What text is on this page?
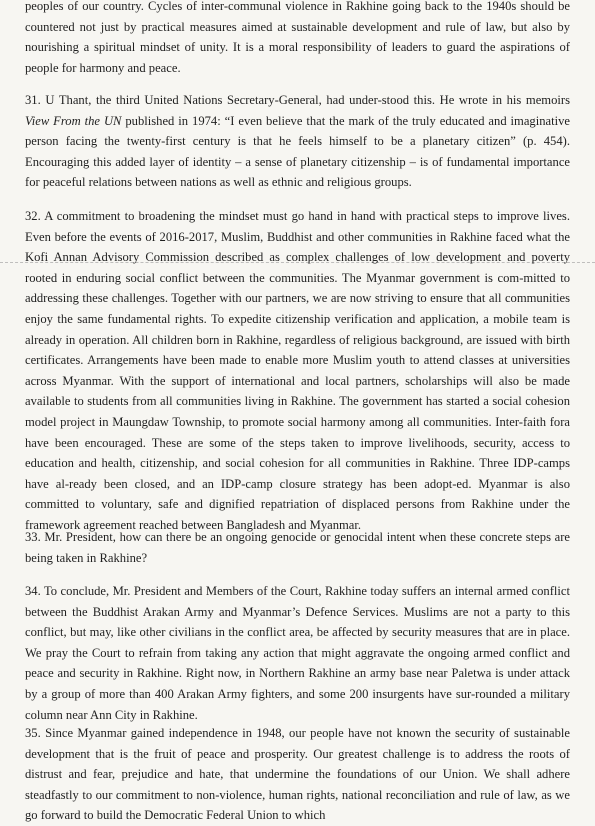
peoples of our country. Cycles of inter-communal violence in Rakhine going back to the 1940s should be countered not just by practical measures aimed at sustainable development and rule of law, but also by nourishing a spiritual mindset of unity. It is a moral responsibility of leaders to guard the aspirations of people for harmony and peace.

31. U Thant, the third United Nations Secretary-General, had under-stood this. He wrote in his memoirs View From the UN published in 1974: “I even believe that the mark of the truly educated and imaginative person facing the twenty-first century is that he feels himself to be a planetary citizen” (p. 454). Encouraging this added layer of identity – a sense of planetary citizenship – is of fundamental importance for peaceful relations between nations as well as ethnic and religious groups.

32. A commitment to broadening the mindset must go hand in hand with practical steps to improve lives. Even before the events of 2016-2017, Muslim, Buddhist and other communities in Rakhine faced what the Kofi Annan Advisory Commission described as complex challenges of low development and poverty rooted in enduring social conflict between the communities. The Myanmar government is com-mitted to addressing these challenges. Together with our partners, we are now striving to ensure that all communities enjoy the same fundamental rights. To expedite citizenship verification and application, a mobile team is already in operation. All children born in Rakhine, regardless of religious background, are issued with birth certificates. Arrangements have been made to enable more Muslim youth to attend classes at universities across Myanmar. With the support of international and local partners, scholarships will also be made available to students from all communities living in Rakhine. The government has started a social cohesion model project in Maungdaw Township, to promote social harmony among all communities. Inter-faith fora have been encouraged. These are some of the steps taken to improve livelihoods, security, access to education and health, citizenship, and social cohesion for all communities in Rakhine. Three IDP-camps have al-ready been closed, and an IDP-camp closure strategy has been adopt-ed. Myanmar is also committed to voluntary, safe and dignified repatriation of displaced persons from Rakhine under the framework agreement reached between Bangladesh and Myanmar.

33. Mr. President, how can there be an ongoing genocide or genocidal intent when these concrete steps are being taken in Rakhine?

34. To conclude, Mr. President and Members of the Court, Rakhine today suffers an internal armed conflict between the Buddhist Arakan Army and Myanmar’s Defence Services. Muslims are not a party to this conflict, but may, like other civilians in the conflict area, be affected by security measures that are in place. We pray the Court to refrain from taking any action that might aggravate the ongoing armed conflict and peace and security in Rakhine. Right now, in Northern Rakhine an army base near Paletwa is under attack by a group of more than 400 Arakan Army fighters, and some 200 insurgents have sur-rounded a military column near Ann City in Rakhine.

35. Since Myanmar gained independence in 1948, our people have not known the security of sustainable development that is the fruit of peace and prosperity. Our greatest challenge is to address the roots of distrust and fear, prejudice and hate, that undermine the foundations of our Union. We shall adhere steadfastly to our commitment to non-violence, human rights, national reconciliation and rule of law, as we go forward to build the Democratic Federal Union to which
